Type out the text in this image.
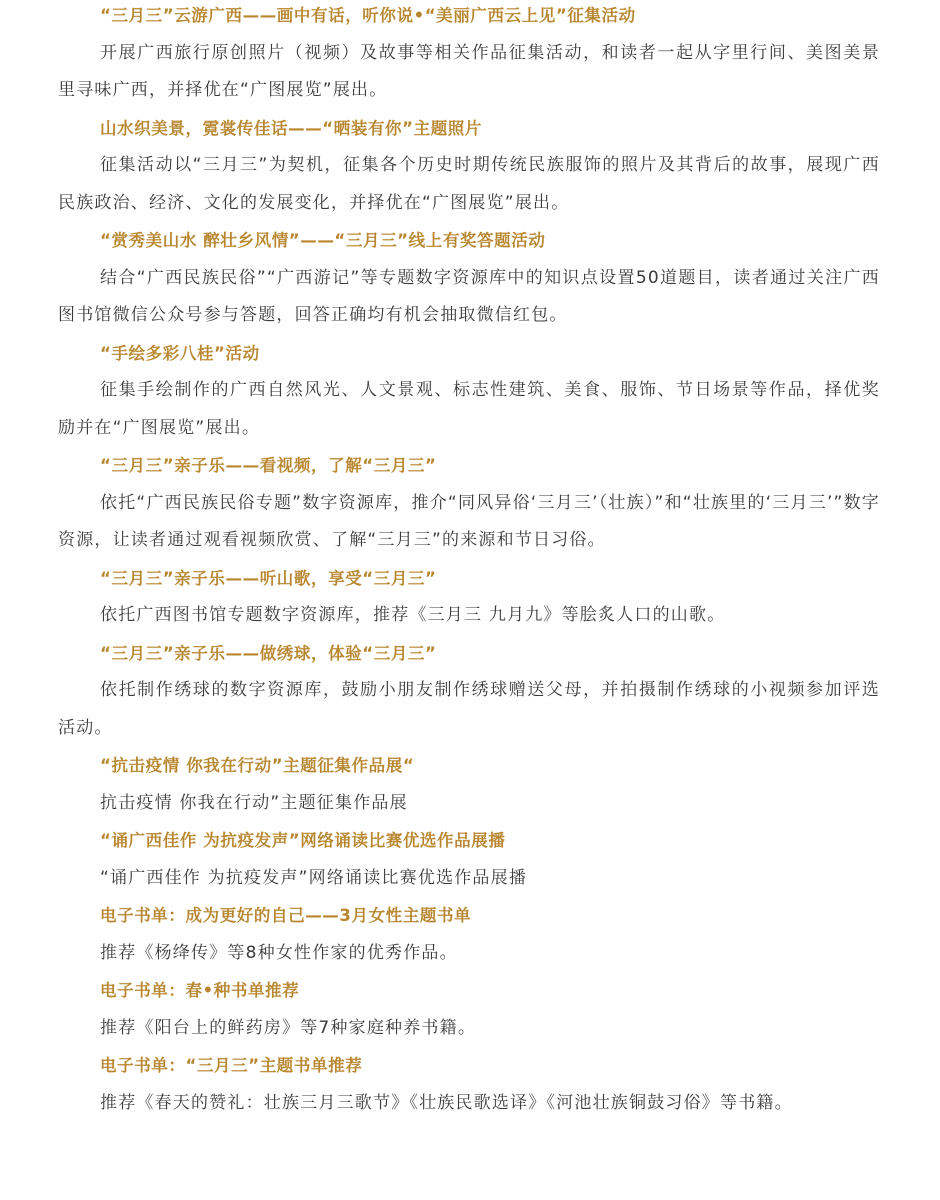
“三月三”云游广西——画中有话，听你说•“美丽广西云上见”征集活动

开展广西旅行原创照片（视频）及故事等相关作品征集活动，和读者一起从字里行间、美图美景里寻味广西，并择优在“广图展览”展出。

山水织美景，霓裳传佳话——“晒装有你”主题照片

征集活动以“三月三”为契机，征集各个历史时期传统民族服饰的照片及其背后的故事，展现广西民族政治、经济、文化的发展变化，并择优在“广图展览”展出。

“赏秀美山水 醉壮乡风情”——“三月三”线上有奖答题活动

结合“广西民族民俗”“广西游记”等专题数字资源库中的知识点设置50道题目，读者通过关注广西图书馆微信公众号参与答题，回答正确均有机会抽取微信红包。

“手绘多彩八桂”活动

征集手绘制作的广西自然风光、人文景观、标志性建筑、美食、服饰、节日场景等作品，择优奖励并在“广图展览”展出。

“三月三”亲子乐——看视频，了解“三月三”

依托“广西民族民俗专题”数字资源库，推介“同风异俗‘三月三’（壮族）”和“壮族里的‘三月三’”数字资源，让读者通过观看视频欣赏、了解“三月三”的来源和节日习俗。

“三月三”亲子乐——听山歌，享受“三月三”

依托广西图书馆专题数字资源库，推荐《三月三 九月九》等脍炙人口的山歌。

“三月三”亲子乐——做绣球，体验“三月三”

依托制作绣球的数字资源库，鼓励小朋友制作绣球赠送父母，并拍摄制作绣球的小视频参加评选活动。

“抗击疫情 你我在行动”主题征集作品展“

抗击疫情 你我在行动”主题征集作品展

“诵广西佳作 为抗疫发声”网络诵读比赛优选作品展播

“诵广西佳作 为抗疫发声”网络诵读比赛优选作品展播

电子书单：成为更好的自己——3月女性主题书单

推荐《杨绛传》等8种女性作家的优秀作品。

电子书单：春•种书单推荐

推荐《阳台上的鲜药房》等7种家庭种养书籍。

电子书单：“三月三”主题书单推荐

推荐《春天的赞礼：壮族三月三歌节》《壮族民歌选译》《河池壮族铜鼓习俗》等书籍。
